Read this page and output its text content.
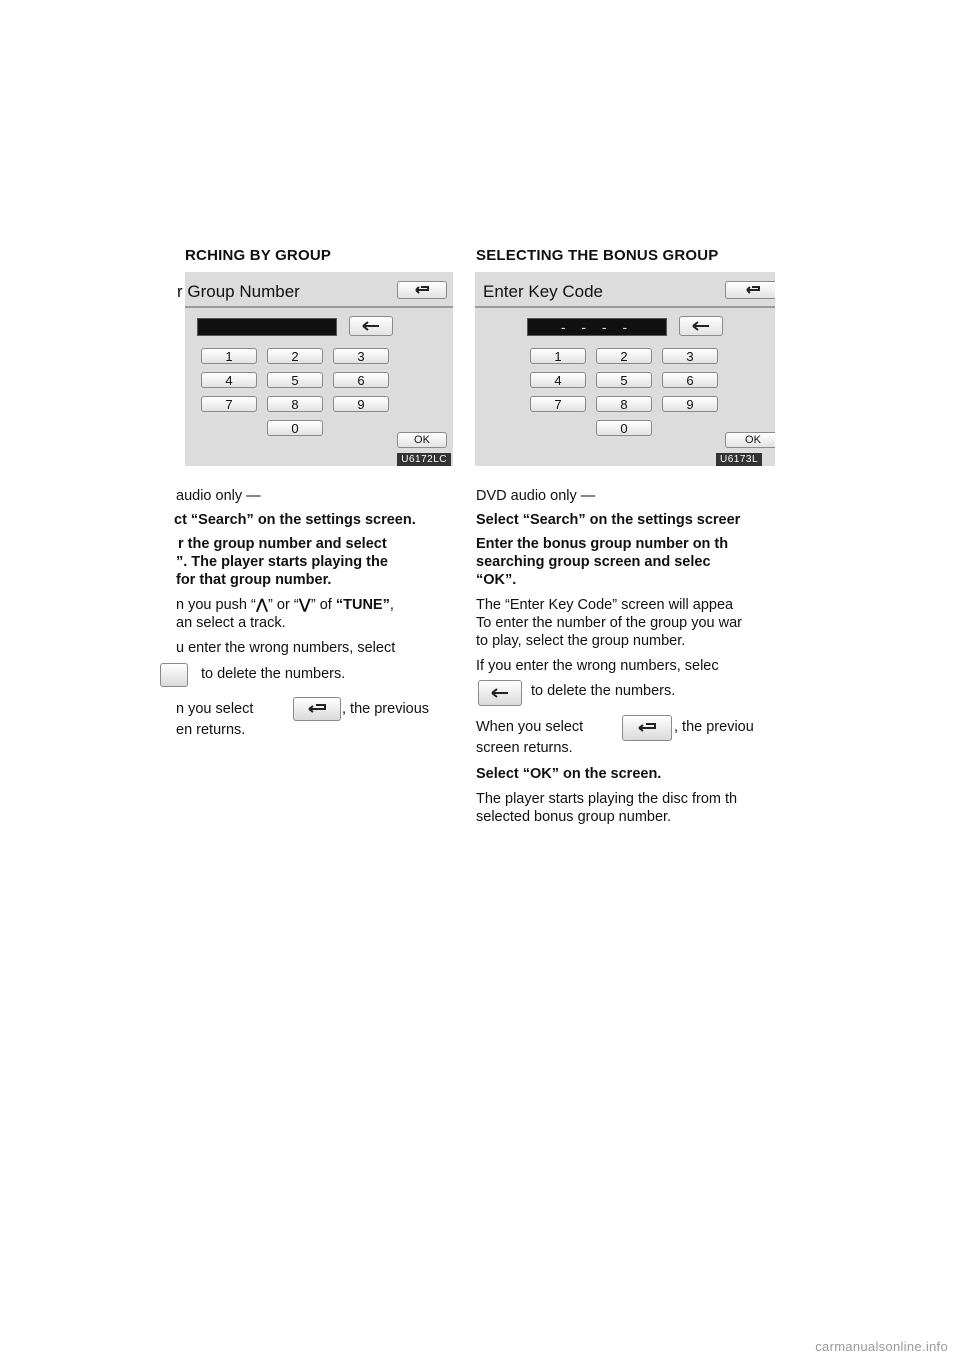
RCHING BY GROUP
r Group Number
1	2	3
4	5	6
7	8	9
0
OK
U6172LC
audio only —
ct “Search” on the settings screen.
r the group number and select
”. The player starts playing the
for that group number.
n you push “⋀” or “⋁” of “TUNE”,
an select a track.
u enter the wrong numbers, select
to delete the numbers.
n you select	, the previous
en returns.
SELECTING THE BONUS GROUP
Enter Key Code
- - - -
1	2	3
4	5	6
7	8	9
0
OK
U6173L
DVD audio only —
Select “Search” on the settings screer
Enter the bonus group number on th
searching group screen and selec
“OK”.
The “Enter Key Code” screen will appea
To enter the number of the group you war
to play, select the group number.
If you enter the wrong numbers, selec
to delete the numbers.
When you select	, the previou
screen returns.
Select “OK” on the screen.
The player starts playing the disc from th
selected bonus group number.
carmanualsonline.info
